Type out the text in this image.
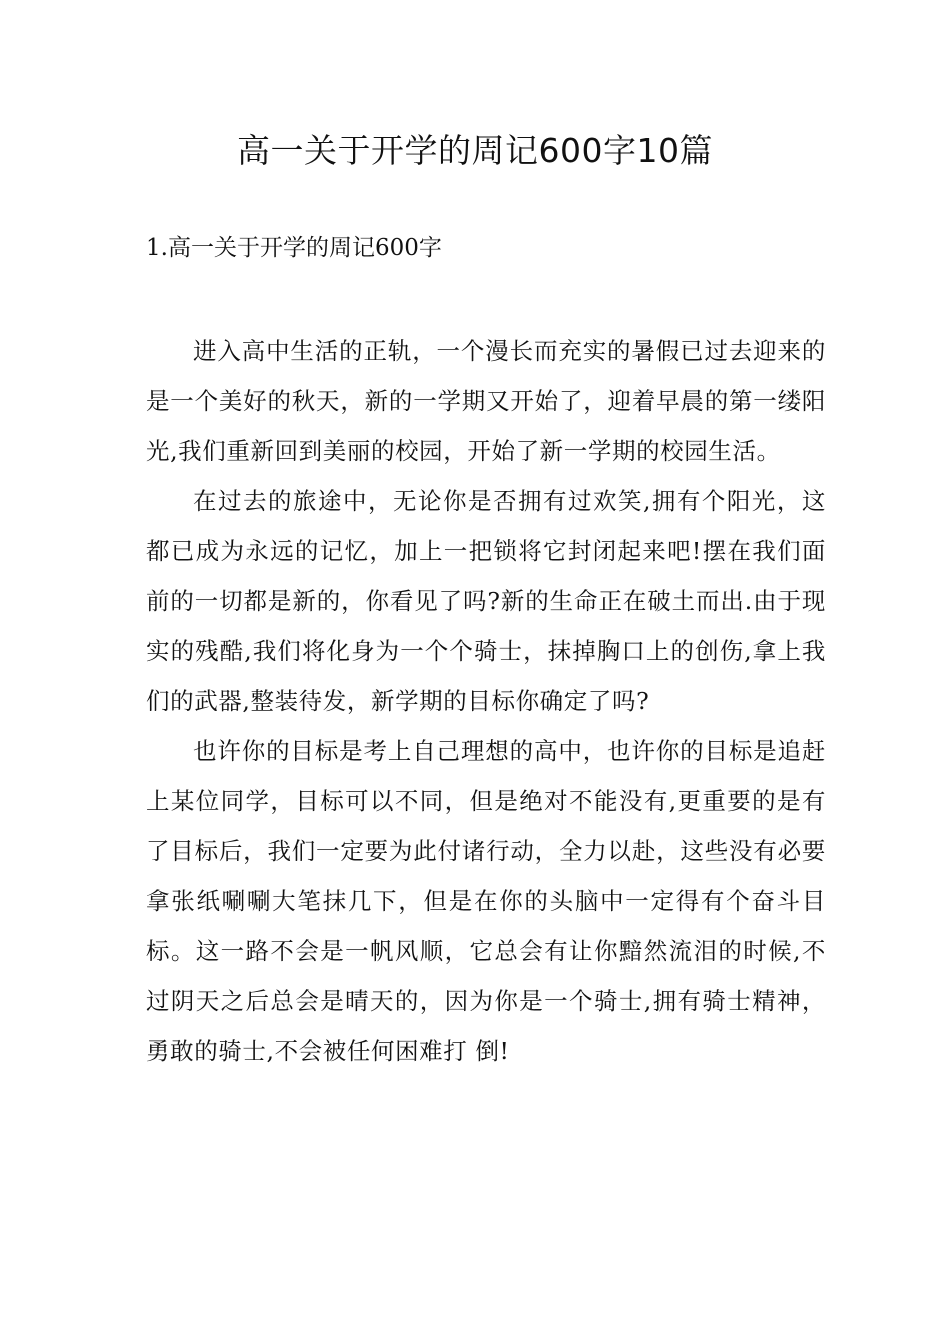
高一关于开学的周记600字10篇
1.高一关于开学的周记600字

进入高中生活的正轨，一个漫长而充实的暑假已过去迎来的是一个美好的秋天，新的一学期又开始了，迎着早晨的第一缕阳光,我们重新回到美丽的校园，开始了新一学期的校园生活。

在过去的旅途中，无论你是否拥有过欢笑,拥有个阳光，这都已成为永远的记忆，加上一把锁将它封闭起来吧!摆在我们面前的一切都是新的，你看见了吗?新的生命正在破土而出.由于现实的残酷,我们将化身为一个个骑士，抹掉胸口上的创伤,拿上我们的武器,整装待发，新学期的目标你确定了吗?

也许你的目标是考上自己理想的高中，也许你的目标是追赶上某位同学，目标可以不同，但是绝对不能没有,更重要的是有了目标后，我们一定要为此付诸行动，全力以赴，这些没有必要拿张纸唰唰大笔抹几下，但是在你的头脑中一定得有个奋斗目标。这一路不会是一帆风顺，它总会有让你黯然流泪的时候,不过阴天之后总会是晴天的，因为你是一个骑士,拥有骑士精神，勇敢的骑士,不会被任何困难打 倒!
